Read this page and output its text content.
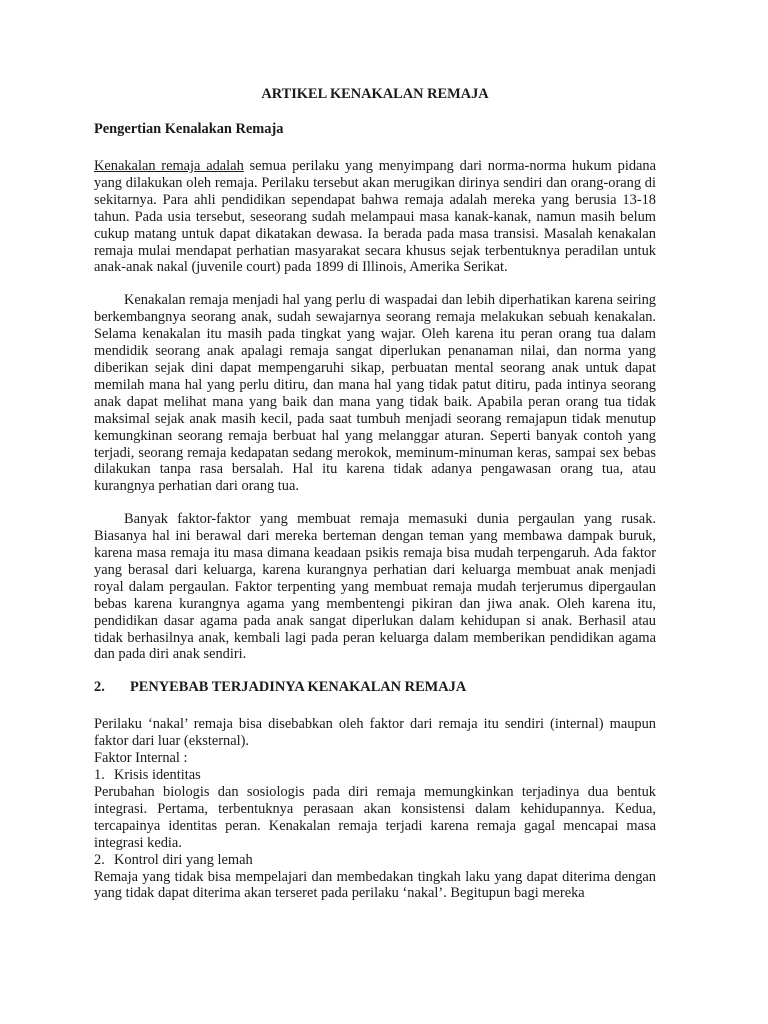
ARTIKEL KENAKALAN REMAJA
Pengertian Kenalakan Remaja

Kenakalan remaja adalah semua perilaku yang menyimpang dari norma-norma hukum pidana yang dilakukan oleh remaja. Perilaku tersebut akan merugikan dirinya sendiri dan orang-orang di sekitarnya. Para ahli pendidikan sependapat bahwa remaja adalah mereka yang berusia 13-18 tahun. Pada usia tersebut, seseorang sudah melampaui masa kanak-kanak, namun masih belum cukup matang untuk dapat dikatakan dewasa. Ia berada pada masa transisi. Masalah kenakalan remaja mulai mendapat perhatian masyarakat secara khusus sejak terbentuknya peradilan untuk anak-anak nakal (juvenile court) pada 1899 di Illinois, Amerika Serikat.

Kenakalan remaja menjadi hal yang perlu di waspadai dan lebih diperhatikan karena seiring berkembangnya seorang anak, sudah sewajarnya seorang remaja melakukan sebuah kenakalan. Selama kenakalan itu masih pada tingkat yang wajar. Oleh karena itu peran orang tua dalam mendidik seorang anak apalagi remaja sangat diperlukan penanaman nilai, dan norma yang diberikan sejak dini dapat mempengaruhi sikap, perbuatan mental seorang anak untuk dapat memilah mana hal yang perlu ditiru, dan mana hal yang tidak patut ditiru, pada intinya seorang anak dapat melihat mana yang baik dan mana yang tidak baik. Apabila peran orang tua tidak maksimal sejak anak masih kecil, pada saat tumbuh menjadi seorang remajapun tidak menutup kemungkinan seorang remaja berbuat hal yang melanggar aturan. Seperti banyak contoh yang terjadi, seorang remaja kedapatan sedang merokok, meminum-minuman keras, sampai sex bebas dilakukan tanpa rasa bersalah. Hal itu karena tidak adanya pengawasan orang tua, atau kurangnya perhatian dari orang tua.

Banyak faktor-faktor yang membuat remaja memasuki dunia pergaulan yang rusak. Biasanya hal ini berawal dari mereka berteman dengan teman yang membawa dampak buruk, karena masa remaja itu masa dimana keadaan psikis remaja bisa mudah terpengaruh. Ada faktor yang berasal dari keluarga, karena kurangnya perhatian dari keluarga membuat anak menjadi royal dalam pergaulan. Faktor terpenting yang membuat remaja mudah terjerumus dipergaulan bebas karena kurangnya agama yang membentengi pikiran dan jiwa anak. Oleh karena itu, pendidikan dasar agama pada anak sangat diperlukan dalam kehidupan si anak. Berhasil atau tidak berhasilnya anak, kembali lagi pada peran keluarga dalam memberikan pendidikan agama dan pada diri anak sendiri.

2.	PENYEBAB TERJADINYA KENAKALAN REMAJA

Perilaku ‘nakal’ remaja bisa disebabkan oleh faktor dari remaja itu sendiri (internal) maupun faktor dari luar (eksternal).

Faktor Internal :
1. Krisis identitas

Perubahan biologis dan sosiologis pada diri remaja memungkinkan terjadinya dua bentuk integrasi. Pertama, terbentuknya perasaan akan konsistensi dalam kehidupannya. Kedua, tercapainya identitas peran. Kenakalan remaja terjadi karena remaja gagal mencapai masa integrasi kedia.

2. Kontrol diri yang lemah

Remaja yang tidak bisa mempelajari dan membedakan tingkah laku yang dapat diterima dengan yang tidak dapat diterima akan terseret pada perilaku ‘nakal’. Begitupun bagi mereka
